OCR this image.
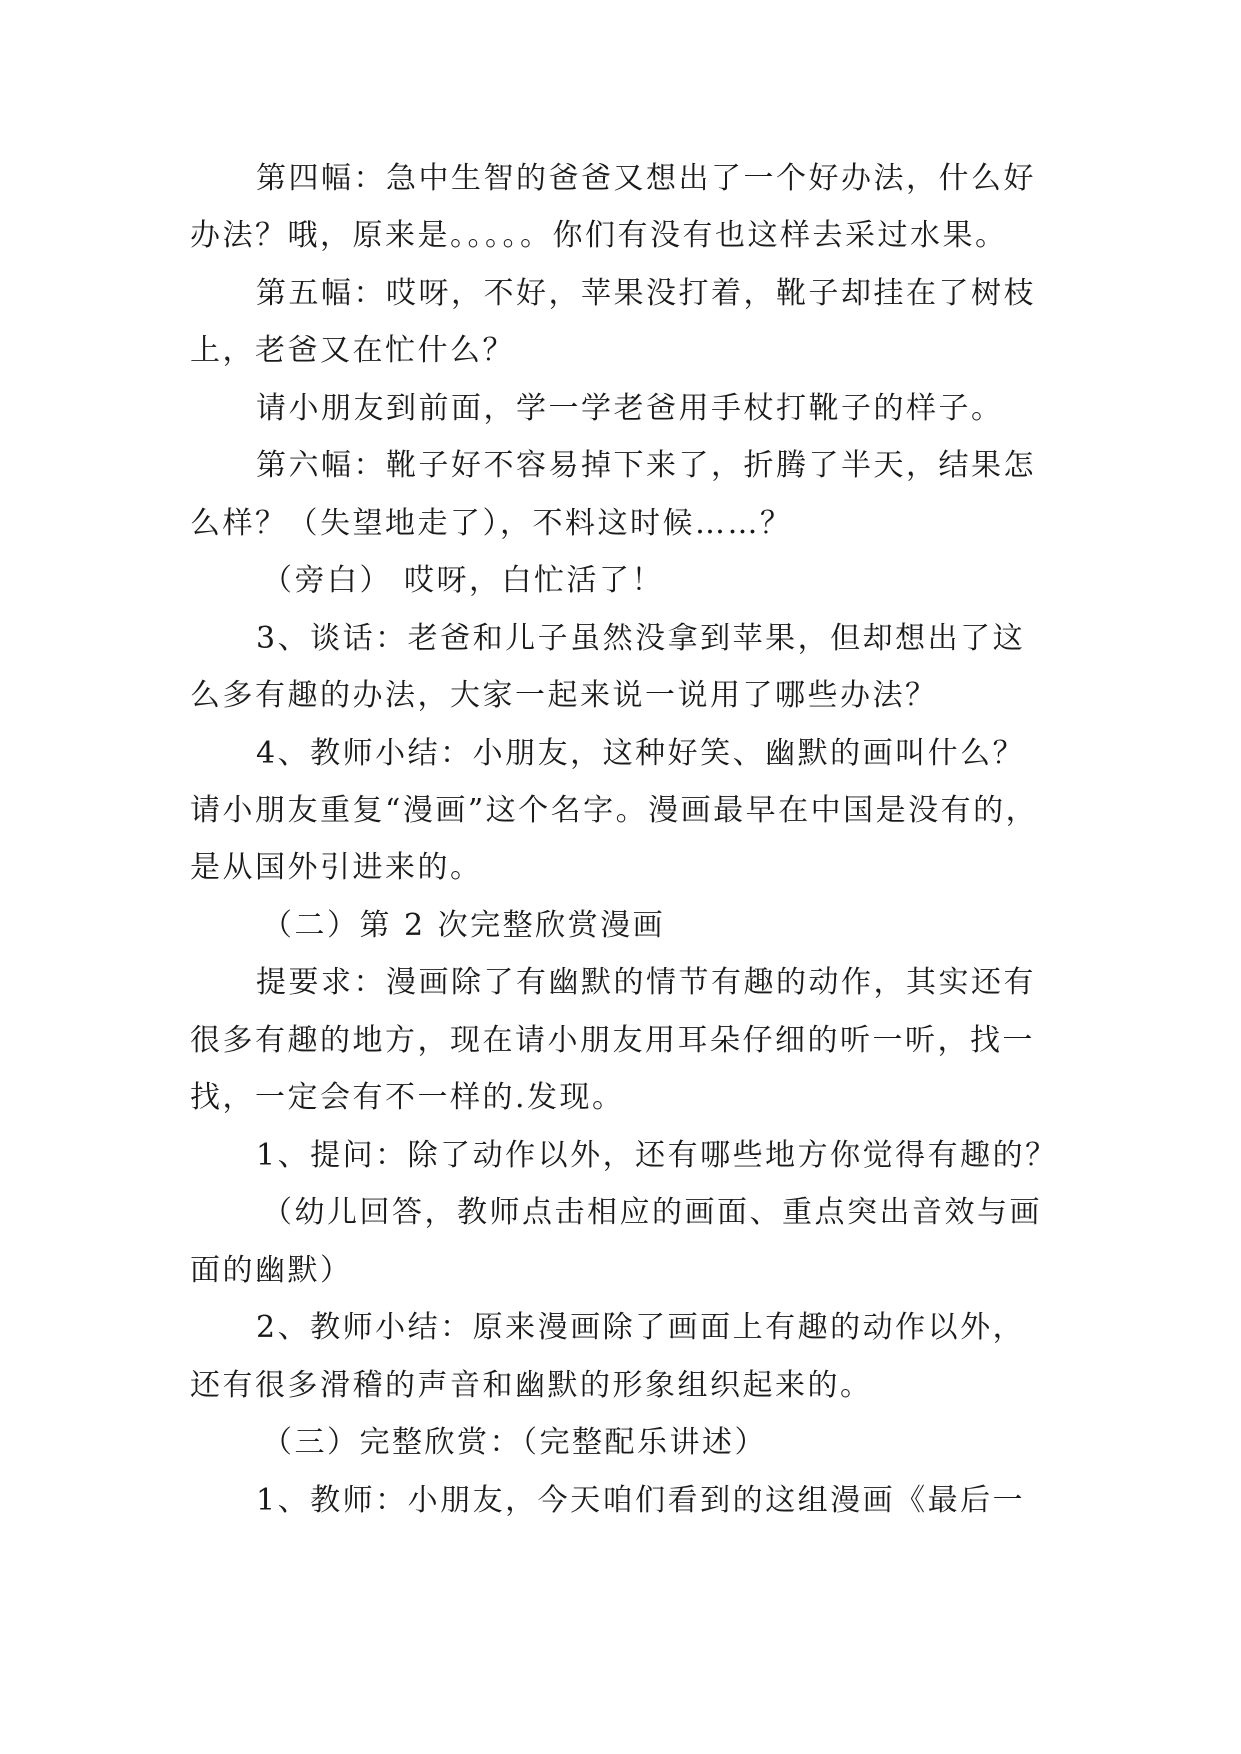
第四幅：急中生智的爸爸又想出了一个好办法，什么好

办法？哦，原来是。。。。。你们有没有也这样去采过水果。

第五幅：哎呀，不好，苹果没打着，靴子却挂在了树枝

上，老爸又在忙什么？

请小朋友到前面，学一学老爸用手杖打靴子的样子。

第六幅：靴子好不容易掉下来了，折腾了半天，结果怎

么样？（失望地走了），不料这时候……？

（旁白） 哎呀，白忙活了！

3、谈话：老爸和儿子虽然没拿到苹果，但却想出了这

么多有趣的办法，大家一起来说一说用了哪些办法？

4、教师小结：小朋友，这种好笑、幽默的画叫什么？

请小朋友重复“漫画”这个名字。漫画最早在中国是没有的，

是从国外引进来的。

（二）第 2 次完整欣赏漫画

提要求：漫画除了有幽默的情节有趣的动作，其实还有

很多有趣的地方，现在请小朋友用耳朵仔细的听一听，找一

找，一定会有不一样的.发现。

1、提问：除了动作以外，还有哪些地方你觉得有趣的？

（幼儿回答，教师点击相应的画面、重点突出音效与画

面的幽默）

2、教师小结：原来漫画除了画面上有趣的动作以外，

还有很多滑稽的声音和幽默的形象组织起来的。

（三）完整欣赏：（完整配乐讲述）

1、教师：小朋友，今天咱们看到的这组漫画《最后一
